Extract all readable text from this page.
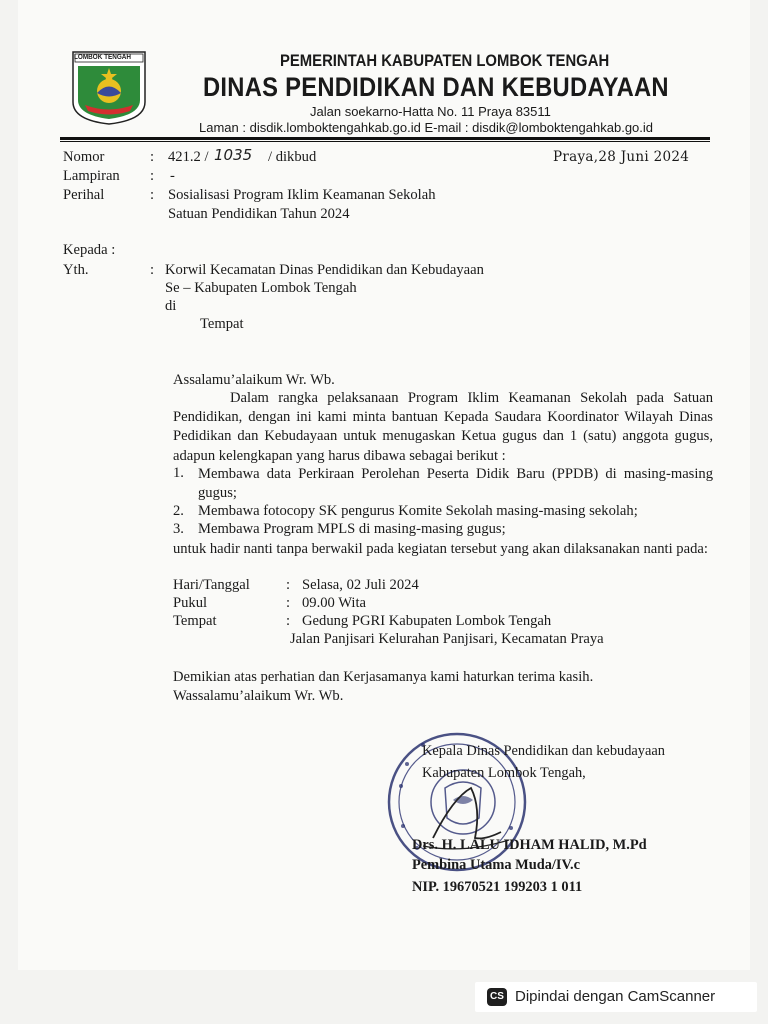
LOMBOK TENGAH	PEMERINTAH KABUPATEN LOMBOK TENGAH
DINAS PENDIDIKAN DAN KEBUDAYAAN
Jalan soekarno-Hatta No. 11 Praya 83511
Laman : disdik.lomboktengahkab.go.id E-mail : disdik@lomboktengahkab.go.id
Nomor	: 421.2 / 1035 / dikbud	Praya,28 Juni 2024
Lampiran : -
Perihal	: Sosialisasi Program Iklim Keamanan Sekolah
Satuan Pendidikan Tahun 2024
Kepada :
Yth.	: Korwil Kecamatan Dinas Pendidikan dan Kebudayaan
Se – Kabupaten Lombok Tengah
di
Tempat
Assalamu’alaikum Wr. Wb.
Dalam rangka pelaksanaan Program Iklim Keamanan Sekolah pada Satuan Pendidikan, dengan ini kami minta bantuan Kepada Saudara Koordinator Wilayah Dinas Pedidikan dan Kebudayaan untuk menugaskan Ketua gugus dan 1 (satu) anggota gugus, adapun kelengkapan yang harus dibawa sebagai berikut :
1. Membawa data Perkiraan Perolehan Peserta Didik Baru (PPDB) di masing-masing gugus;
2. Membawa fotocopy SK pengurus Komite Sekolah masing-masing sekolah;
3. Membawa Program MPLS di masing-masing gugus;
untuk hadir nanti tanpa berwakil pada kegiatan tersebut yang akan dilaksanakan nanti pada:
Hari/Tanggal : Selasa, 02 Juli 2024
Pukul	: 09.00 Wita
Tempat	: Gedung PGRI Kabupaten Lombok Tengah
Jalan Panjisari Kelurahan Panjisari, Kecamatan Praya
Demikian atas perhatian dan Kerjasamanya kami haturkan terima kasih.
Wassalamu’alaikum Wr. Wb.
Kepala Dinas Pendidikan dan kebudayaan
Kabupaten Lombok Tengah,
Drs. H. LALU IDHAM HALID, M.Pd
Pembina Utama Muda/IV.c
NIP. 19670521 199203 1 011
CS Dipindai dengan CamScanner
